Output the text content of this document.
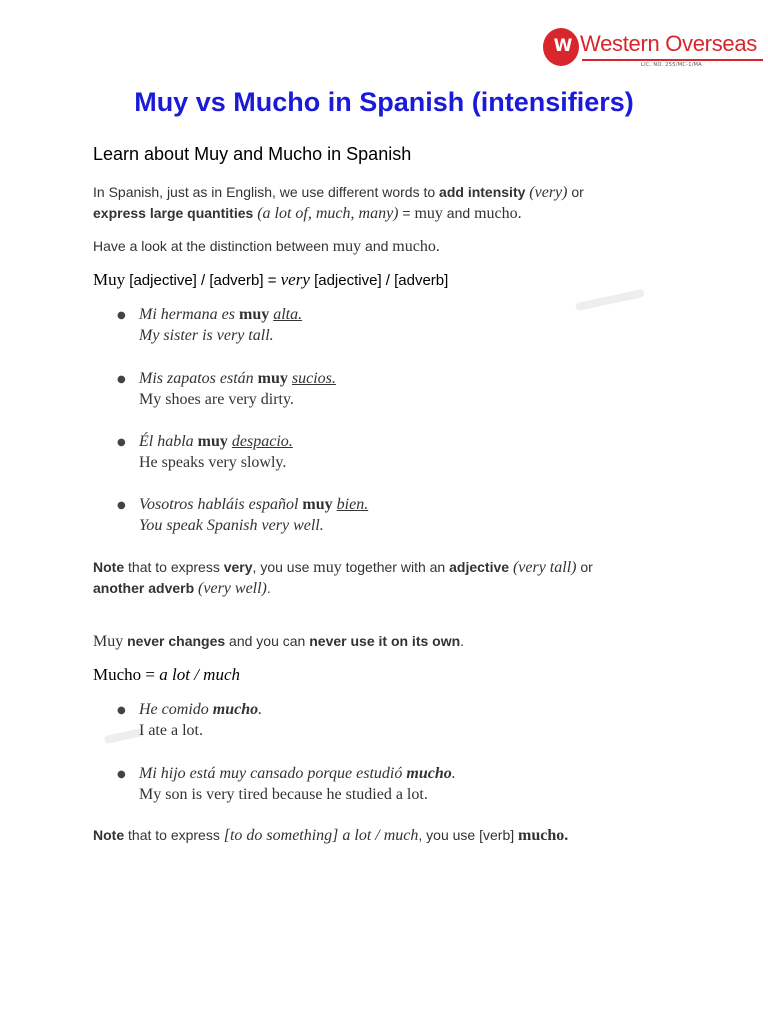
W Western Overseas
LIC. NO. 255/MC-1/MA
Muy vs Mucho in Spanish (intensifiers)
Learn about Muy and Mucho in Spanish

In Spanish, just as in English, we use different words to add intensity (very) or
express large quantities (a lot of, much, many) = muy and mucho.

Have a look at the distinction between muy and mucho.

Muy [adjective] / [adverb] = very [adjective] / [adverb]

● Mi hermana es muy alta.
My sister is very tall.
● Mis zapatos están muy sucios.
My shoes are very dirty.
● Él habla muy despacio.
He speaks very slowly.
● Vosotros habláis español muy bien.
You speak Spanish very well.

Note that to express very, you use muy together with an adjective (very tall) or
another adverb (very well).

Muy never changes and you can never use it on its own.

Mucho = a lot / much

● He comido mucho.
I ate a lot.
● Mi hijo está muy cansado porque estudió mucho.
My son is very tired because he studied a lot.

Note that to express [to do something] a lot / much, you use [verb] mucho.
